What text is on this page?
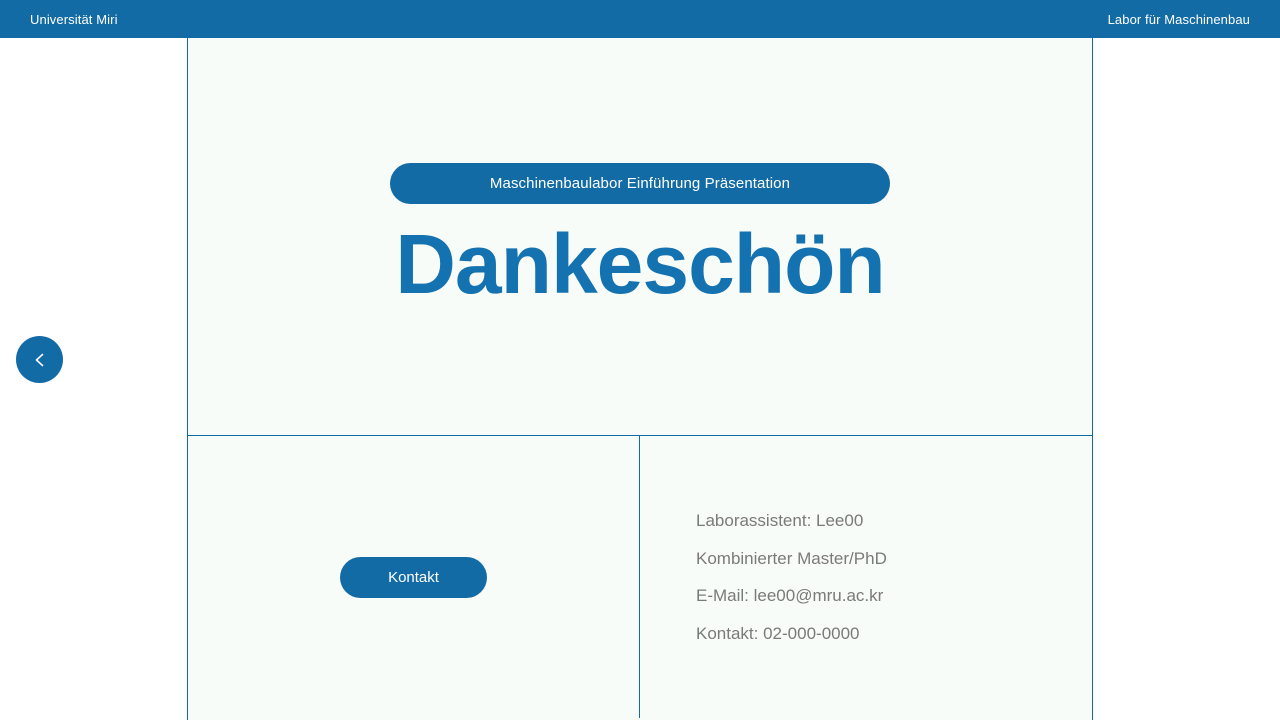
Universität Miri	Labor für Maschinenbau
Maschinenbaulabor Einführung Präsentation
Dankeschön
Kontakt
Laborassistent: Lee00
Kombinierter Master/PhD
E-Mail: lee00@mru.ac.kr
Kontakt: 02-000-0000
